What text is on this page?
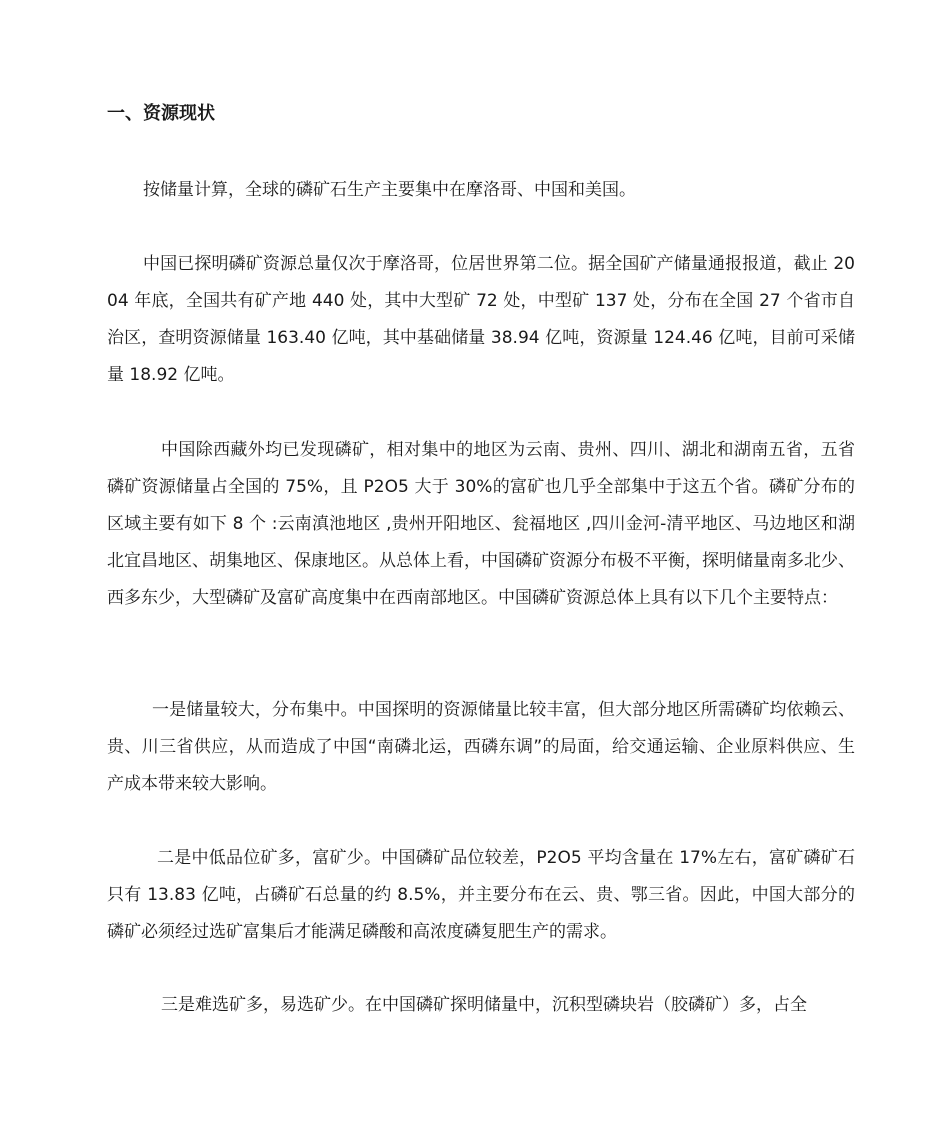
一、资源现状

按储量计算，全球的磷矿石生产主要集中在摩洛哥、中国和美国。

中国已探明磷矿资源总量仅次于摩洛哥，位居世界第二位。据全国矿产储量通报报道，截止 2004 年底，全国共有矿产地 440 处，其中大型矿 72 处，中型矿 137 处，分布在全国 27 个省市自治区，查明资源储量 163.40 亿吨，其中基础储量 38.94 亿吨，资源量 124.46 亿吨，目前可采储量 18.92 亿吨。

中国除西藏外均已发现磷矿，相对集中的地区为云南、贵州、四川、湖北和湖南五省，五省磷矿资源储量占全国的 75%，且 P2O5 大于 30%的富矿也几乎全部集中于这五个省。磷矿分布的区域主要有如下 8 个 :云南滇池地区 ,贵州开阳地区、瓮福地区 ,四川金河-清平地区、马边地区和湖北宜昌地区、胡集地区、保康地区。从总体上看，中国磷矿资源分布极不平衡，探明储量南多北少、西多东少，大型磷矿及富矿高度集中在西南部地区。中国磷矿资源总体上具有以下几个主要特点：

一是储量较大，分布集中。中国探明的资源储量比较丰富，但大部分地区所需磷矿均依赖云、贵、川三省供应，从而造成了中国“南磷北运，西磷东调”的局面，给交通运输、企业原料供应、生产成本带来较大影响。

二是中低品位矿多，富矿少。中国磷矿品位较差，P2O5 平均含量在 17%左右，富矿磷矿石只有 13.83 亿吨，占磷矿石总量的约 8.5%，并主要分布在云、贵、鄂三省。因此，中国大部分的磷矿必须经过选矿富集后才能满足磷酸和高浓度磷复肥生产的需求。

三是难选矿多，易选矿少。在中国磷矿探明储量中，沉积型磷块岩（胶磷矿）多，占全
